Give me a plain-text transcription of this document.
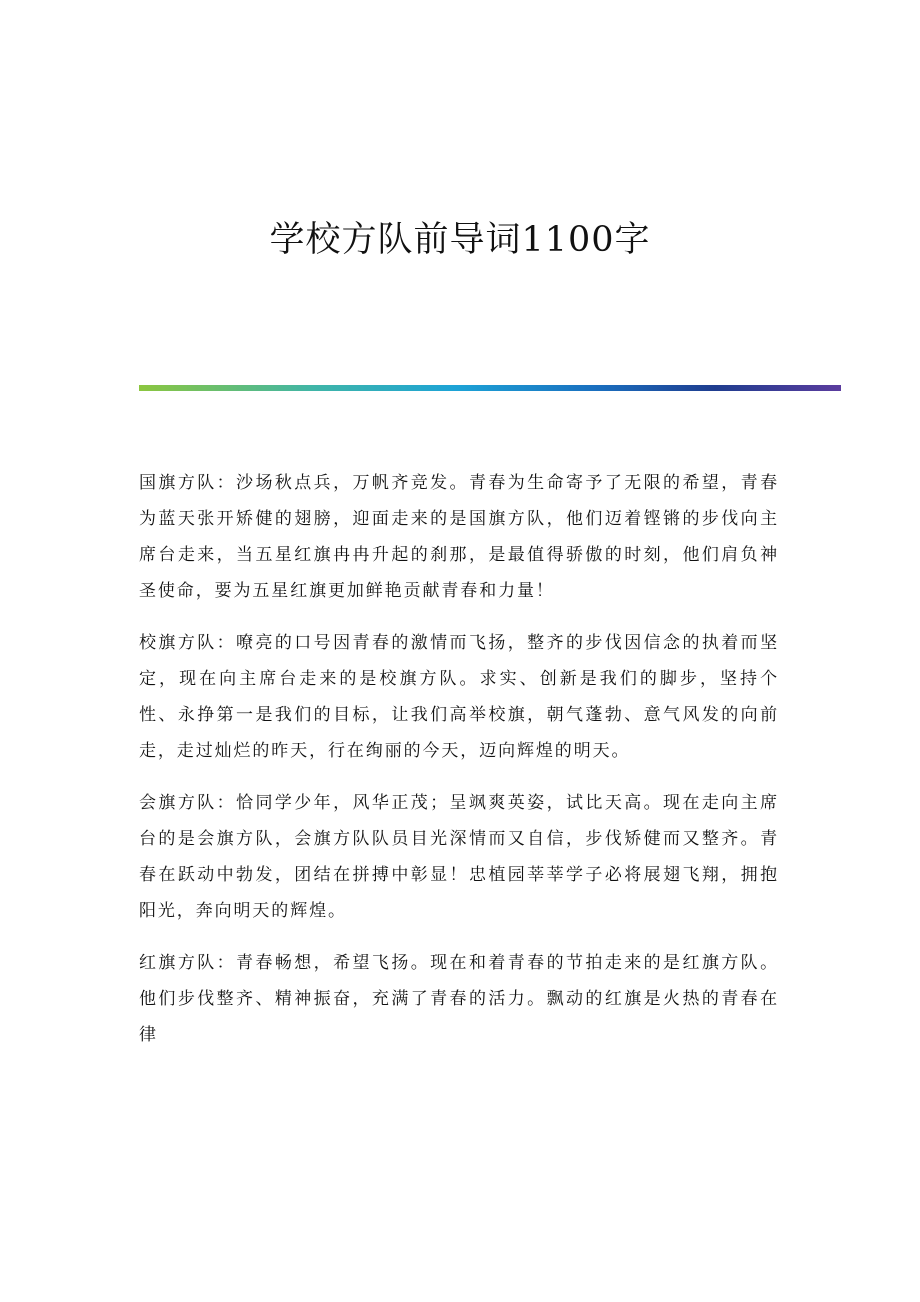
学校方队前导词1100字

国旗方队：沙场秋点兵，万帆齐竞发。青春为生命寄予了无限的希望，青春为蓝天张开矫健的翅膀，迎面走来的是国旗方队，他们迈着铿锵的步伐向主席台走来，当五星红旗冉冉升起的刹那，是最值得骄傲的时刻，他们肩负神圣使命，要为五星红旗更加鲜艳贡献青春和力量！

校旗方队：嘹亮的口号因青春的激情而飞扬，整齐的步伐因信念的执着而坚定，现在向主席台走来的是校旗方队。求实、创新是我们的脚步，坚持个性、永挣第一是我们的目标，让我们高举校旗，朝气蓬勃、意气风发的向前走，走过灿烂的昨天，行在绚丽的今天，迈向辉煌的明天。

会旗方队：恰同学少年，风华正茂；呈飒爽英姿，试比天高。现在走向主席台的是会旗方队，会旗方队队员目光深情而又自信，步伐矫健而又整齐。青春在跃动中勃发，团结在拼搏中彰显！忠植园莘莘学子必将展翅飞翔，拥抱阳光，奔向明天的辉煌。

红旗方队：青春畅想，希望飞扬。现在和着青春的节拍走来的是红旗方队。他们步伐整齐、精神振奋，充满了青春的活力。飘动的红旗是火热的青春在律
